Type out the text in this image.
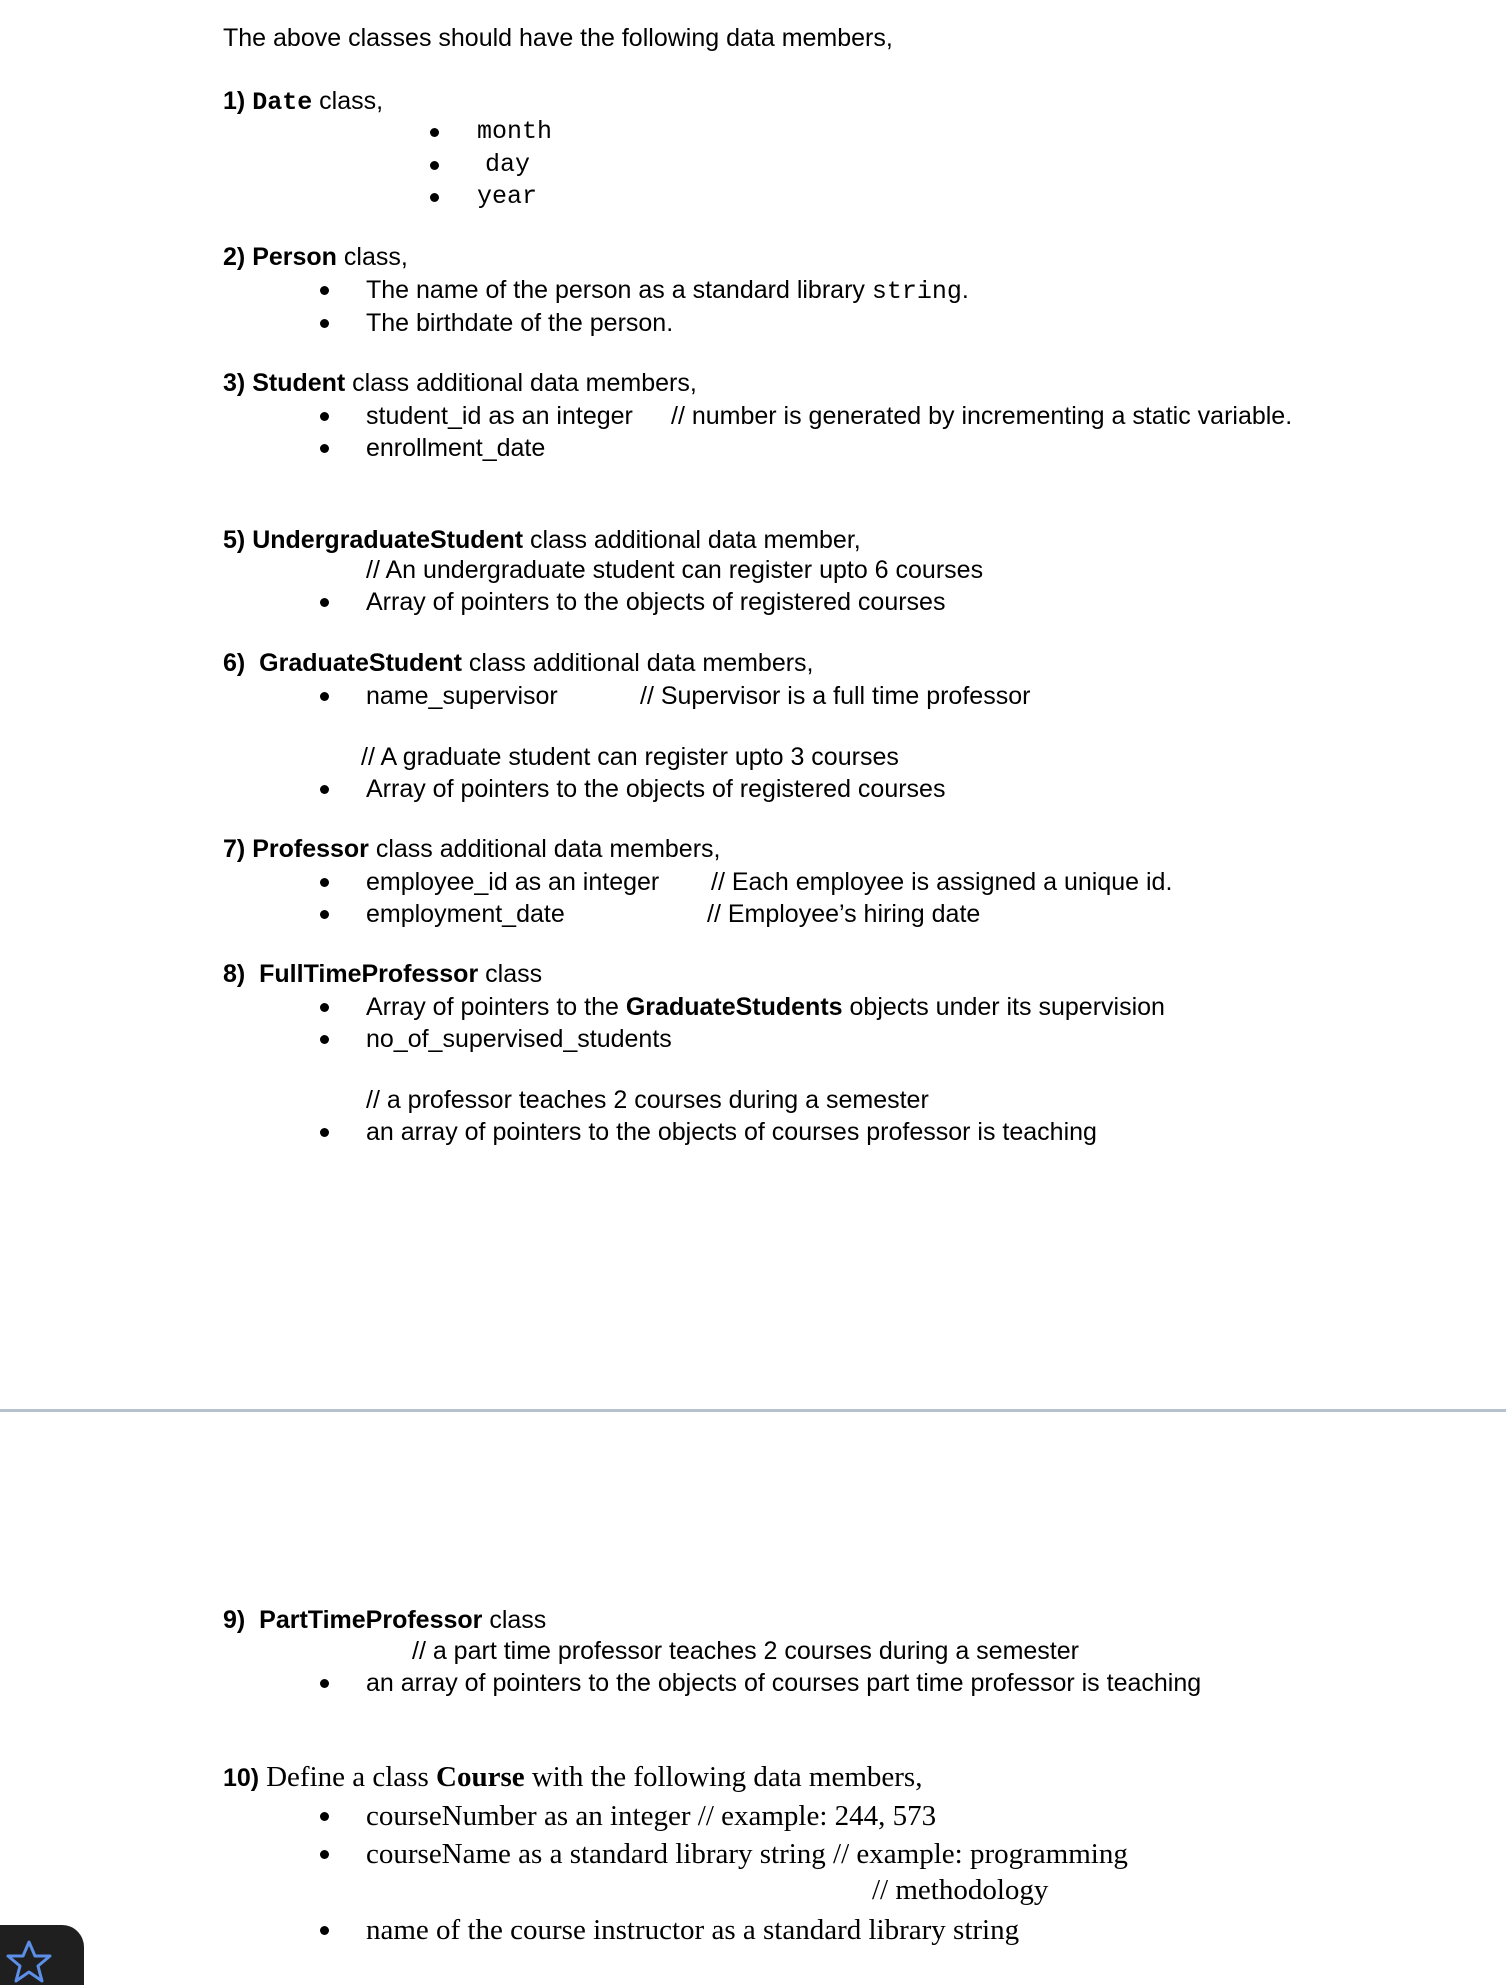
The above classes should have the following data members,
1) Date class,
month
day
year
2) Person class,
The name of the person as a standard library string.
The birthdate of the person.
3) Student class additional data members,
student_id as an integer // number is generated by incrementing a static variable.
enrollment_date
5) UndergraduateStudent class additional data member,
// An undergraduate student can register upto 6 courses
Array of pointers to the objects of registered courses
6) GraduateStudent class additional data members,
name_supervisor	// Supervisor is a full time professor
// A graduate student can register upto 3 courses
Array of pointers to the objects of registered courses
7) Professor class additional data members,
employee_id as an integer // Each employee is assigned a unique id.
employment_date	// Employee’s hiring date
8) FullTimeProfessor class
Array of pointers to the GraduateStudents objects under its supervision
no_of_supervised_students
// a professor teaches 2 courses during a semester
an array of pointers to the objects of courses professor is teaching
9) PartTimeProfessor class
// a part time professor teaches 2 courses during a semester
an array of pointers to the objects of courses part time professor is teaching
10) Define a class Course with the following data members,
courseNumber as an integer // example: 244, 573
courseName as a standard library string // example: programming
// methodology
name of the course instructor as a standard library string
